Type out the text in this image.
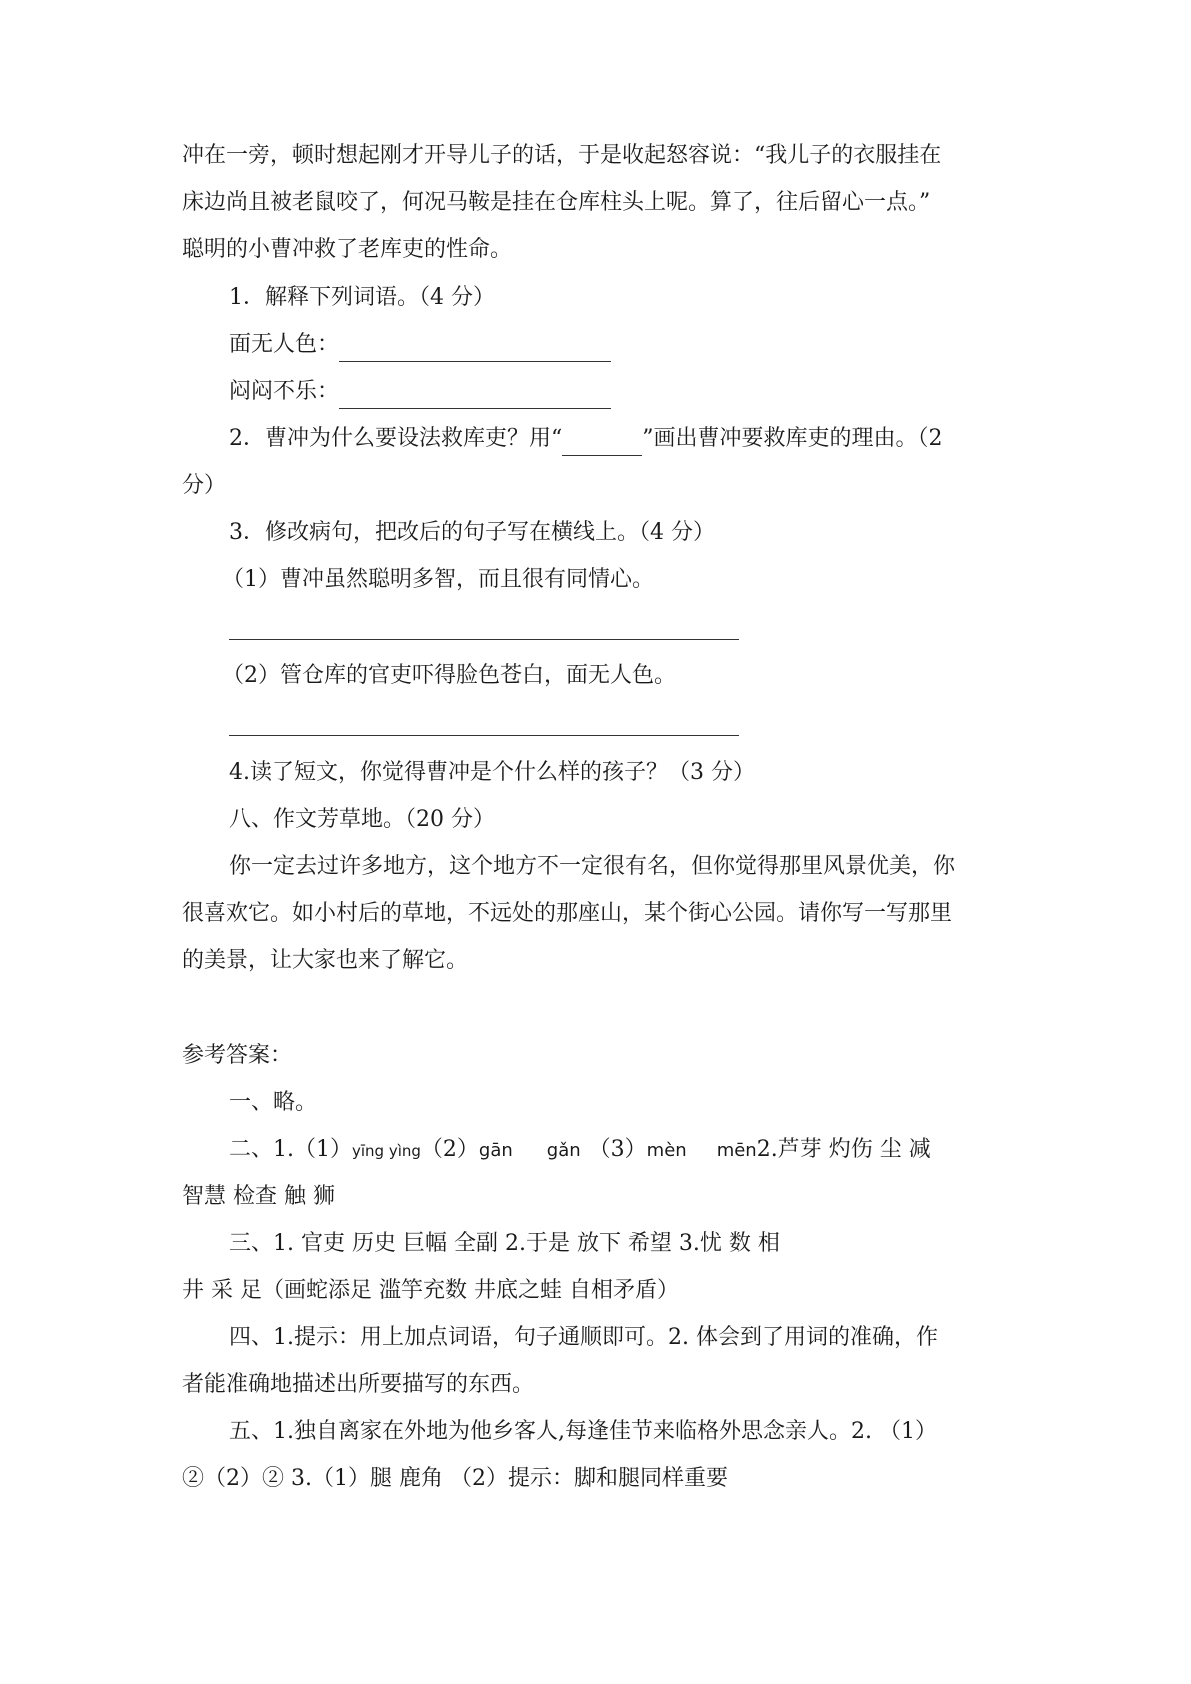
冲在一旁，顿时想起刚才开导儿子的话，于是收起怒容说：“我儿子的衣服挂在
床边尚且被老鼠咬了，何况马鞍是挂在仓库柱头上呢。算了，往后留心一点。”
聪明的小曹冲救了老库吏的性命。
1．解释下列词语。（4 分）
面无人色：
闷闷不乐：
2．曹冲为什么要设法救库吏？用“	”画出曹冲要救库吏的理由。（2
分）
3．修改病句，把改后的句子写在横线上。（4 分）
（1）曹冲虽然聪明多智，而且很有同情心。
（2）管仓库的官吏吓得脸色苍白，面无人色。
4.读了短文，你觉得曹冲是个什么样的孩子？（3 分）
八、作文芳草地。（20 分）
你一定去过许多地方，这个地方不一定很有名，但你觉得那里风景优美，你
很喜欢它。如小村后的草地，不远处的那座山，某个街心公园。请你写一写那里
的美景，让大家也来了解它。
参考答案：
一、略。
二、1.（1）yīng yìng（2）gān gǎn （3）mèn mēn2.芦芽 灼伤 尘 减
智慧 检查 触 狮
三、1. 官吏 历史 巨幅 全副 2.于是 放下 希望 3.忧 数 相
井 采 足（画蛇添足 滥竽充数 井底之蛙 自相矛盾）
四、1.提示：用上加点词语，句子通顺即可。2. 体会到了用词的准确，作
者能准确地描述出所要描写的东西。
五、1.独自离家在外地为他乡客人,每逢佳节来临格外思念亲人。2. （1）
②（2）② 3.（1）腿 鹿角 （2）提示：脚和腿同样重要
